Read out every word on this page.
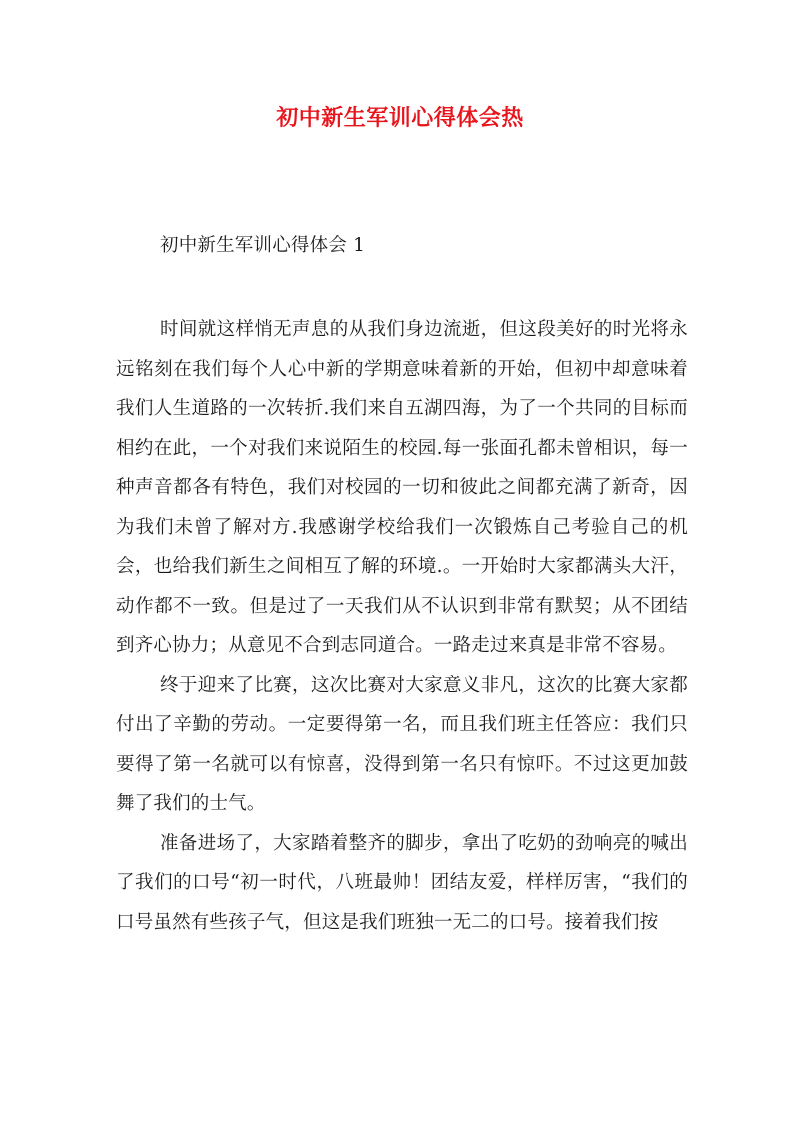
初中新生军训心得体会热
初中新生军训心得体会 1

时间就这样悄无声息的从我们身边流逝，但这段美好的时光将永远铭刻在我们每个人心中新的学期意味着新的开始，但初中却意味着我们人生道路的一次转折.我们来自五湖四海，为了一个共同的目标而相约在此，一个对我们来说陌生的校园.每一张面孔都未曾相识，每一种声音都各有特色，我们对校园的一切和彼此之间都充满了新奇，因为我们未曾了解对方.我感谢学校给我们一次锻炼自己考验自己的机会，也给我们新生之间相互了解的环境.。一开始时大家都满头大汗，动作都不一致。但是过了一天我们从不认识到非常有默契；从不团结到齐心协力；从意见不合到志同道合。一路走过来真是非常不容易。

终于迎来了比赛，这次比赛对大家意义非凡，这次的比赛大家都付出了辛勤的劳动。一定要得第一名，而且我们班主任答应：我们只要得了第一名就可以有惊喜，没得到第一名只有惊吓。不过这更加鼓舞了我们的士气。

准备进场了，大家踏着整齐的脚步，拿出了吃奶的劲响亮的喊出了我们的口号“初一时代，八班最帅！团结友爱，样样厉害，“我们的口号虽然有些孩子气，但这是我们班独一无二的口号。接着我们按
